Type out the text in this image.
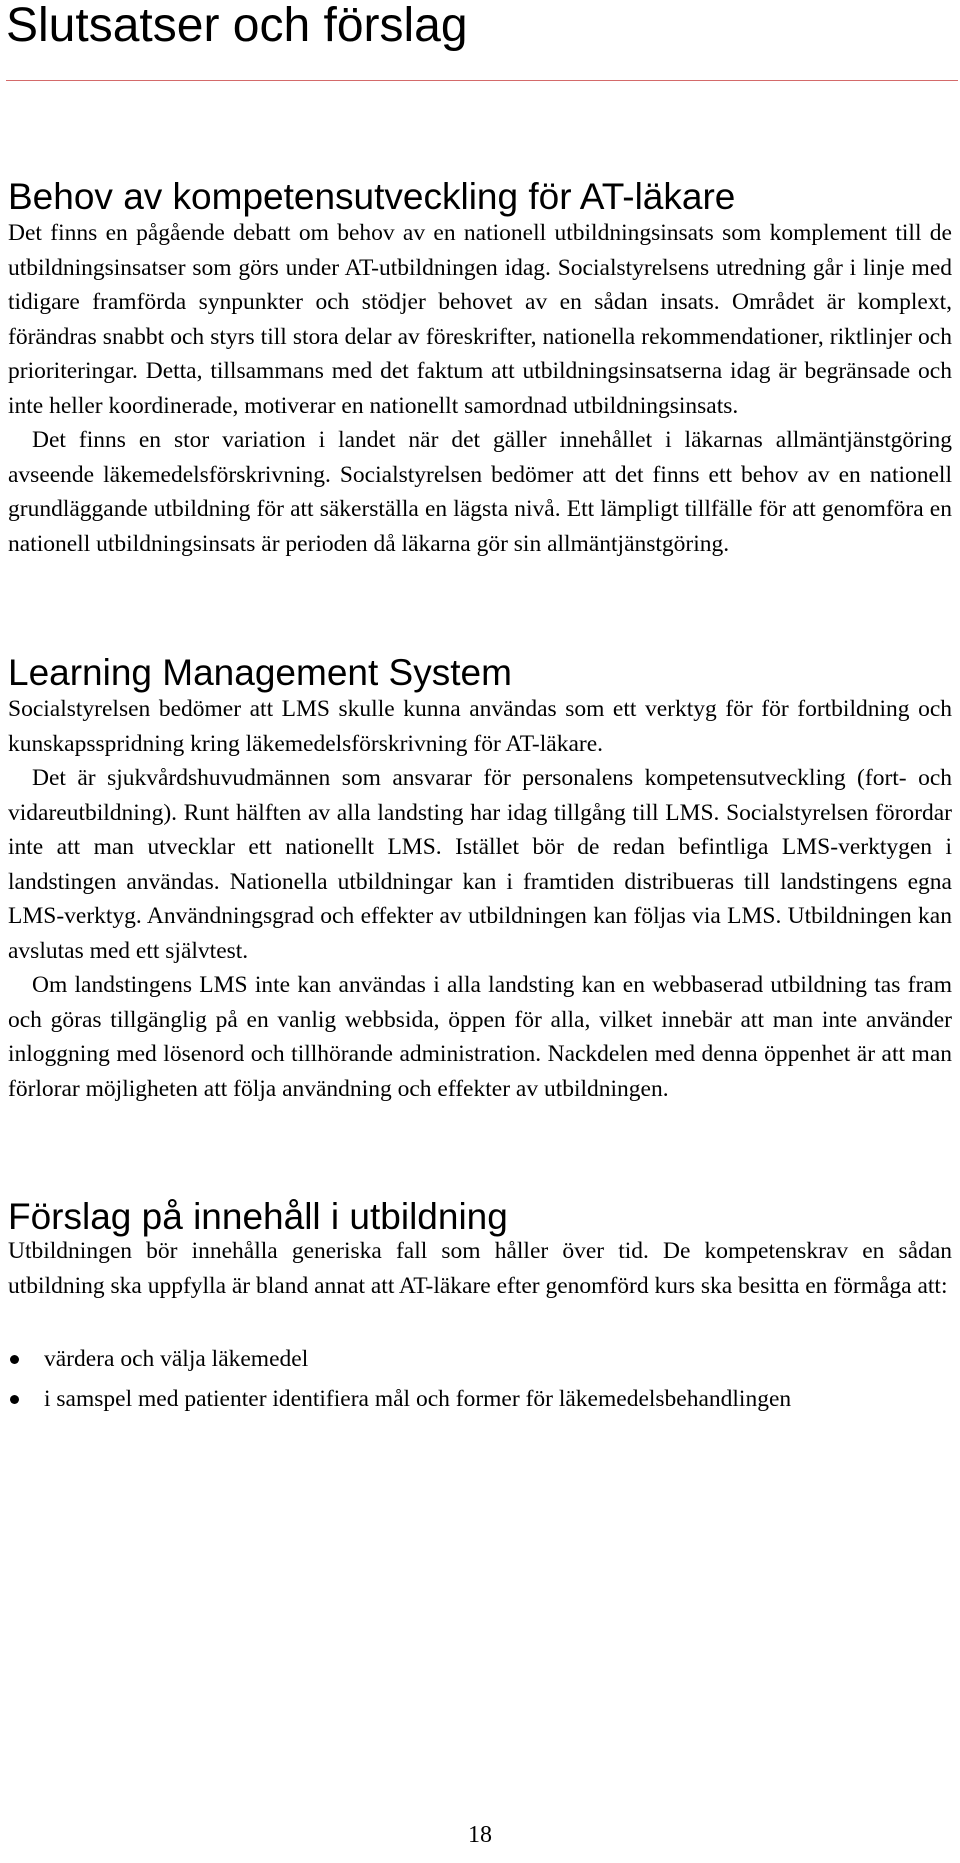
Slutsatser och förslag
Behov av kompetensutveckling för AT-läkare

Det finns en pågående debatt om behov av en nationell utbildningsinsats som komplement till de utbildningsinsatser som görs under AT-utbildningen idag. Socialstyrelsens utredning går i linje med tidigare framförda synpunkter och stödjer behovet av en sådan insats. Området är komplext, förändras snabbt och styrs till stora delar av föreskrifter, nationella rekommendationer, riktlinjer och prioriteringar. Detta, tillsammans med det faktum att utbildningsinsatserna idag är begränsade och inte heller koordinerade, motiverar en nationellt samordnad utbildningsinsats.

Det finns en stor variation i landet när det gäller innehållet i läkarnas allmäntjänstgöring avseende läkemedelsförskrivning. Socialstyrelsen bedömer att det finns ett behov av en nationell grundläggande utbildning för att säkerställa en lägsta nivå. Ett lämpligt tillfälle för att genomföra en nationell utbildningsinsats är perioden då läkarna gör sin allmäntjänstgöring.

Learning Management System

Socialstyrelsen bedömer att LMS skulle kunna användas som ett verktyg för för fortbildning och kunskapsspridning kring läkemedelsförskrivning för AT-läkare.

Det är sjukvårdshuvudmännen som ansvarar för personalens kompetensutveckling (fort- och vidareutbildning). Runt hälften av alla landsting har idag tillgång till LMS. Socialstyrelsen förordar inte att man utvecklar ett nationellt LMS. Istället bör de redan befintliga LMS-verktygen i landstingen användas. Nationella utbildningar kan i framtiden distribueras till landstingens egna LMS-verktyg. Användningsgrad och effekter av utbildningen kan följas via LMS. Utbildningen kan avslutas med ett självtest.

Om landstingens LMS inte kan användas i alla landsting kan en webbaserad utbildning tas fram och göras tillgänglig på en vanlig webbsida, öppen för alla, vilket innebär att man inte använder inloggning med lösenord och tillhörande administration. Nackdelen med denna öppenhet är att man förlorar möjligheten att följa användning och effekter av utbildningen.

Förslag på innehåll i utbildning

Utbildningen bör innehålla generiska fall som håller över tid. De kompetenskrav en sådan utbildning ska uppfylla är bland annat att AT-läkare efter genomförd kurs ska besitta en förmåga att:

värdera och välja läkemedel
i samspel med patienter identifiera mål och former för läkemedelsbehandlingen
18
